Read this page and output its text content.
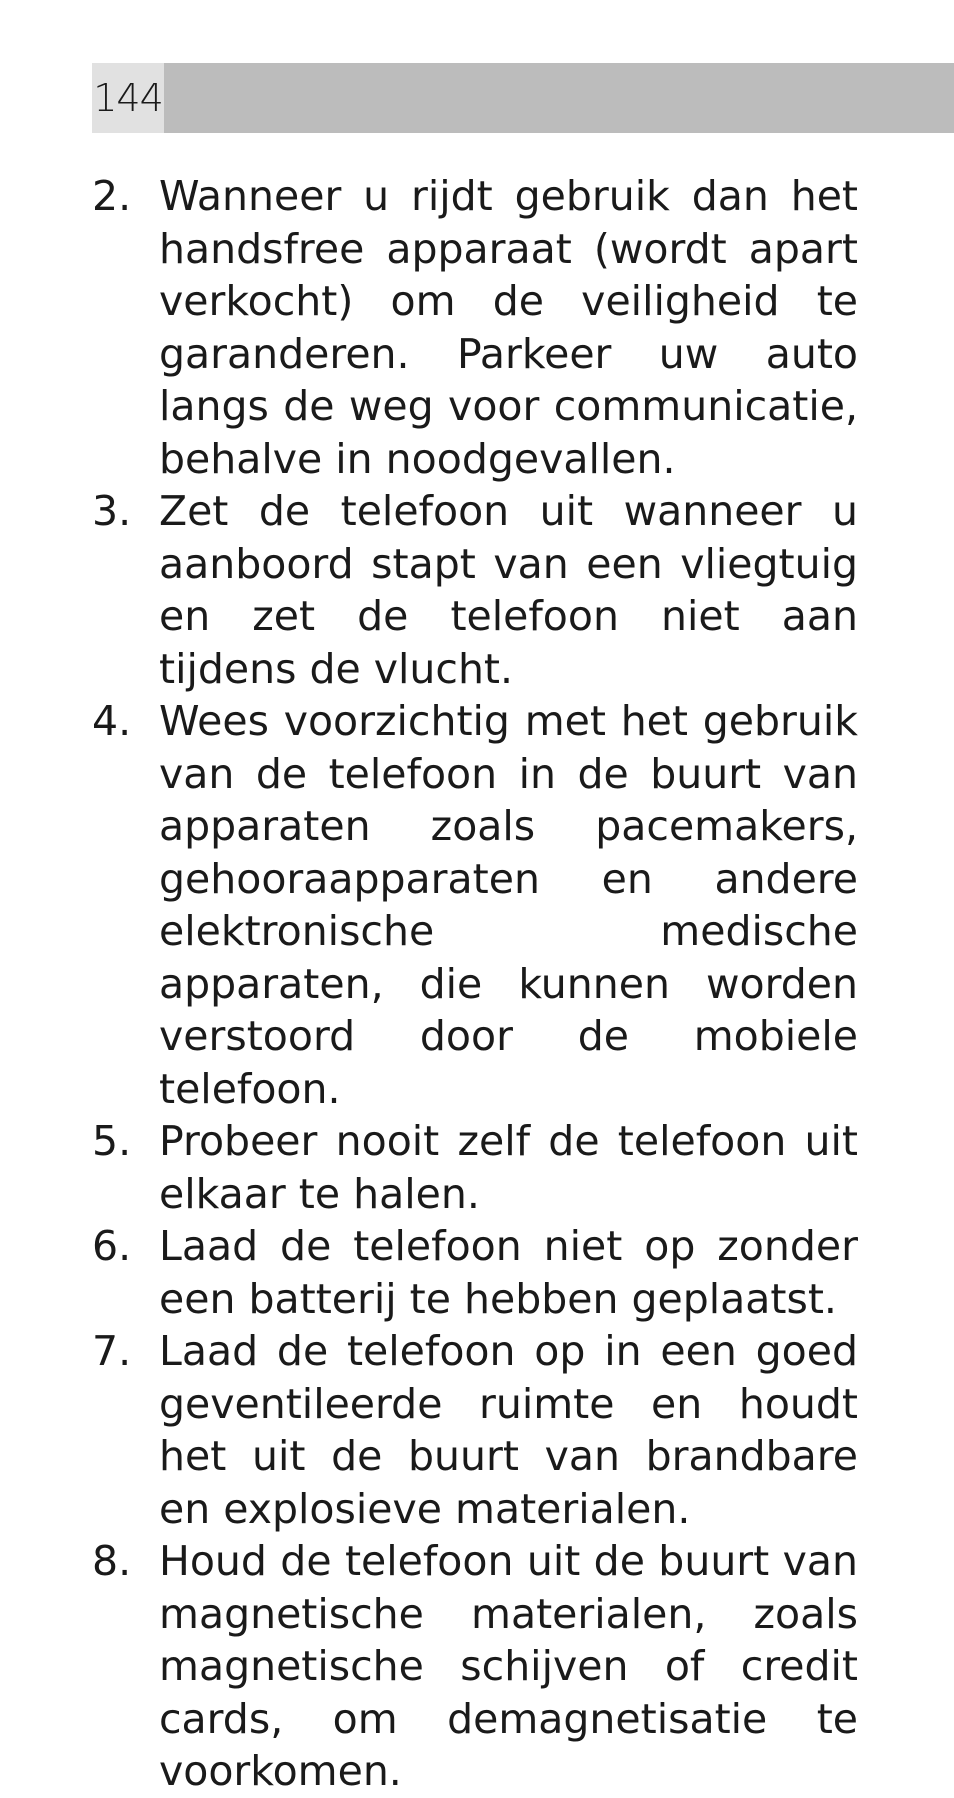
144
2. Wanneer u rijdt gebruik dan het handsfree apparaat (wordt apart verkocht) om de veiligheid te garanderen. Parkeer uw auto langs de weg voor communicatie, behalve in noodgevallen.
3. Zet de telefoon uit wanneer u aanboord stapt van een vliegtuig en zet de telefoon niet aan tijdens de vlucht.
4. Wees voorzichtig met het gebruik van de telefoon in de buurt van apparaten zoals pacemakers, gehooraapparaten en andere elektronische medische apparaten, die kunnen worden verstoord door de mobiele telefoon.
5. Probeer nooit zelf de telefoon uit elkaar te halen.
6. Laad de telefoon niet op zonder een batterij te hebben geplaatst.
7. Laad de telefoon op in een goed geventileerde ruimte en houdt het uit de buurt van brandbare en explosieve materialen.
8. Houd de telefoon uit de buurt van magnetische materialen, zoals magnetische schijven of credit cards, om demagnetisatie te voorkomen.
